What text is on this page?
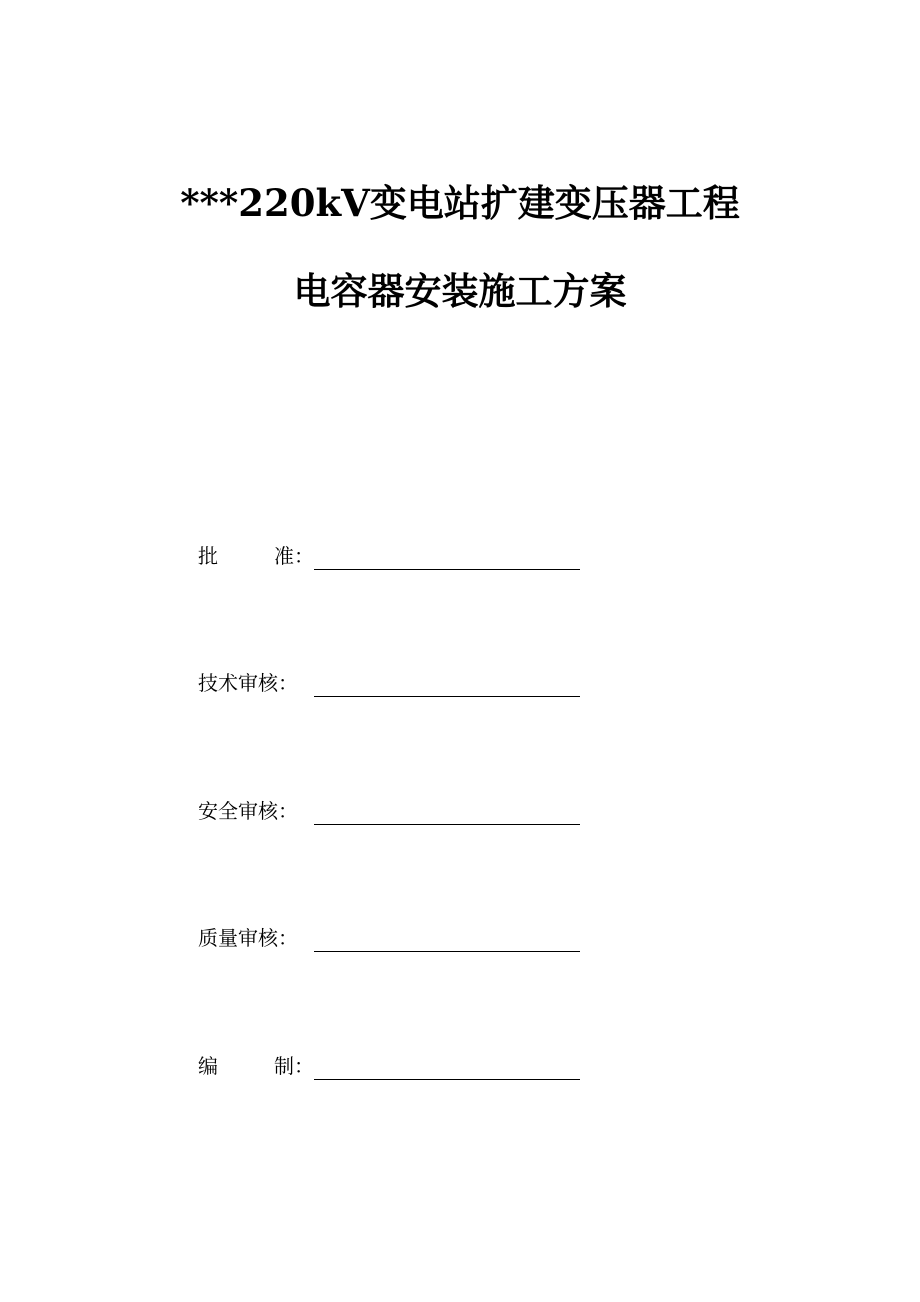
***220kV变电站扩建变压器工程
电容器安装施工方案
批	准：
技术审核：
安全审核：
质量审核：
编	制：
